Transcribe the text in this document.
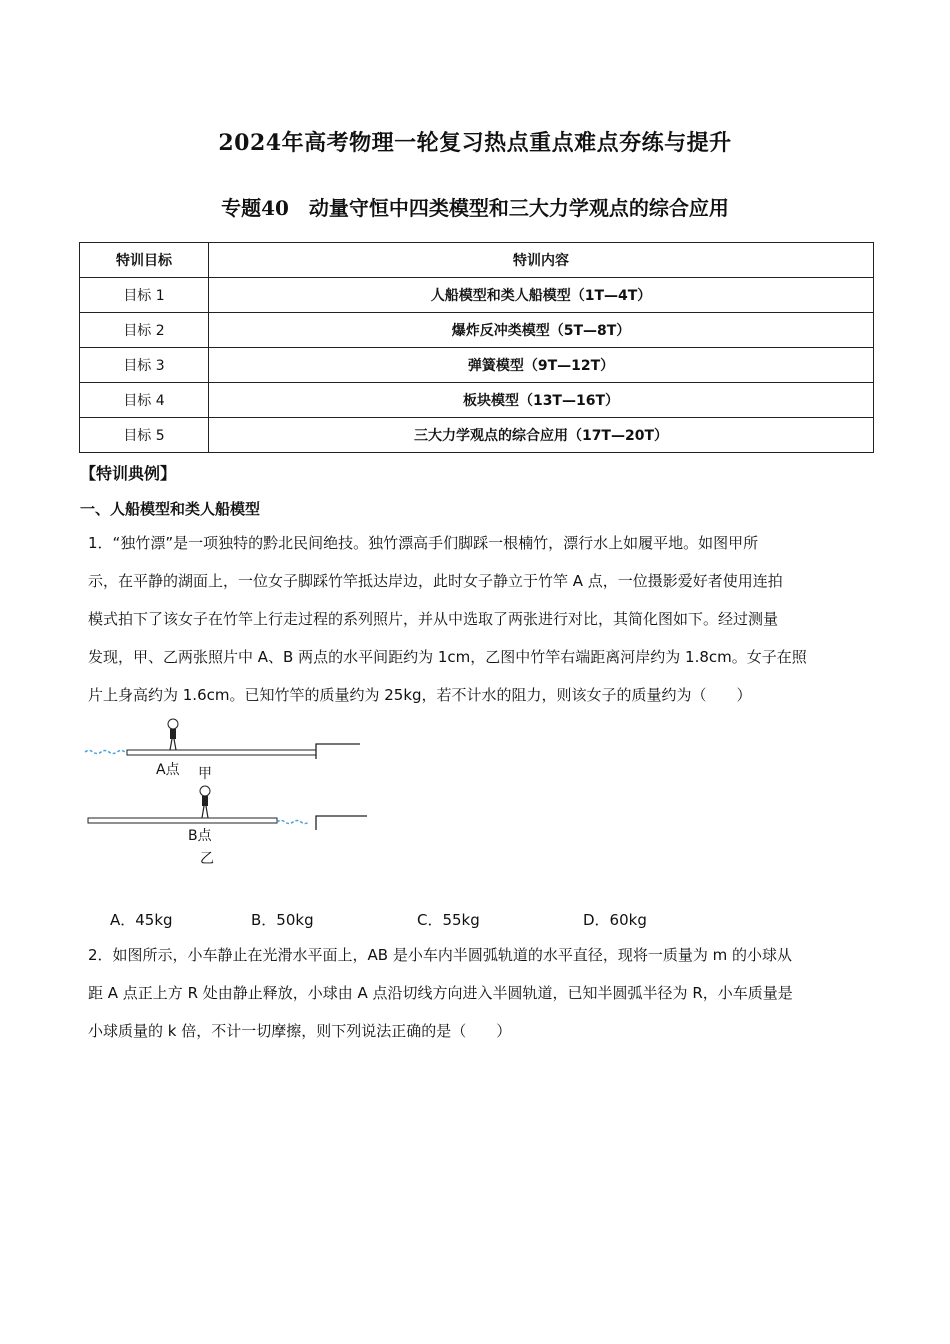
2024年高考物理一轮复习热点重点难点夯练与提升
专题40　动量守恒中四类模型和三大力学观点的综合应用
特训目标	特训内容
目标 1	人船模型和类人船模型（1T—4T）
目标 2	爆炸反冲类模型（5T—8T）
目标 3	弹簧模型（9T—12T）
目标 4	板块模型（13T—16T）
目标 5	三大力学观点的综合应用（17T—20T）
【特训典例】
一、人船模型和类人船模型
1．“独竹漂”是一项独特的黔北民间绝技。独竹漂高手们脚踩一根楠竹，漂行水上如履平地。如图甲所
示，在平静的湖面上，一位女子脚踩竹竿抵达岸边，此时女子静立于竹竿 A 点，一位摄影爱好者使用连拍
模式拍下了该女子在竹竿上行走过程的系列照片，并从中选取了两张进行对比，其简化图如下。经过测量
发现，甲、乙两张照片中 A、B 两点的水平间距约为 1cm，乙图中竹竿右端距离河岸约为 1.8cm。女子在照
片上身高约为 1.6cm。已知竹竿的质量约为 25kg，若不计水的阻力，则该女子的质量约为（　　）
A点 甲
B点
乙
A．45kg	B．50kg	C．55kg	D．60kg
2．如图所示，小车静止在光滑水平面上，AB 是小车内半圆弧轨道的水平直径，现将一质量为 m 的小球从
距 A 点正上方 R 处由静止释放，小球由 A 点沿切线方向进入半圆轨道，已知半圆弧半径为 R，小车质量是
小球质量的 k 倍，不计一切摩擦，则下列说法正确的是（　　）
